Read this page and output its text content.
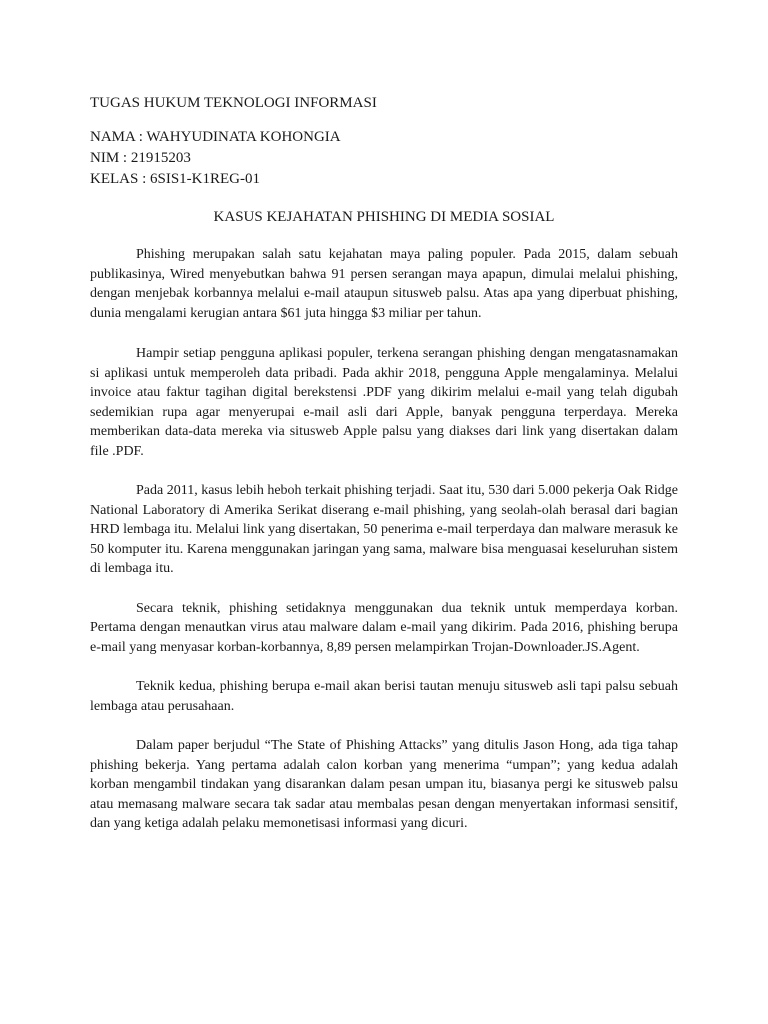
TUGAS HUKUM TEKNOLOGI INFORMASI
NAMA : WAHYUDINATA KOHONGIA
NIM : 21915203
KELAS : 6SIS1-K1REG-01
KASUS KEJAHATAN PHISHING DI MEDIA SOSIAL

Phishing merupakan salah satu kejahatan maya paling populer. Pada 2015, dalam sebuah publikasinya, Wired menyebutkan bahwa 91 persen serangan maya apapun, dimulai melalui phishing, dengan menjebak korbannya melalui e-mail ataupun situsweb palsu. Atas apa yang diperbuat phishing, dunia mengalami kerugian antara $61 juta hingga $3 miliar per tahun.

Hampir setiap pengguna aplikasi populer, terkena serangan phishing dengan mengatasnamakan si aplikasi untuk memperoleh data pribadi. Pada akhir 2018, pengguna Apple mengalaminya. Melalui invoice atau faktur tagihan digital berekstensi .PDF yang dikirim melalui e-mail yang telah digubah sedemikian rupa agar menyerupai e-mail asli dari Apple, banyak pengguna terperdaya. Mereka memberikan data-data mereka via situsweb Apple palsu yang diakses dari link yang disertakan dalam file .PDF.

Pada 2011, kasus lebih heboh terkait phishing terjadi. Saat itu, 530 dari 5.000 pekerja Oak Ridge National Laboratory di Amerika Serikat diserang e-mail phishing, yang seolah-olah berasal dari bagian HRD lembaga itu. Melalui link yang disertakan, 50 penerima e-mail terperdaya dan malware merasuk ke 50 komputer itu. Karena menggunakan jaringan yang sama, malware bisa menguasai keseluruhan sistem di lembaga itu.

Secara teknik, phishing setidaknya menggunakan dua teknik untuk memperdaya korban. Pertama dengan menautkan virus atau malware dalam e-mail yang dikirim. Pada 2016, phishing berupa e-mail yang menyasar korban-korbannya, 8,89 persen melampirkan Trojan-Downloader.JS.Agent.

Teknik kedua, phishing berupa e-mail akan berisi tautan menuju situsweb asli tapi palsu sebuah lembaga atau perusahaan.

Dalam paper berjudul “The State of Phishing Attacks” yang ditulis Jason Hong, ada tiga tahap phishing bekerja. Yang pertama adalah calon korban yang menerima “umpan”; yang kedua adalah korban mengambil tindakan yang disarankan dalam pesan umpan itu, biasanya pergi ke situsweb palsu atau memasang malware secara tak sadar atau membalas pesan dengan menyertakan informasi sensitif, dan yang ketiga adalah pelaku memonetisasi informasi yang dicuri.
